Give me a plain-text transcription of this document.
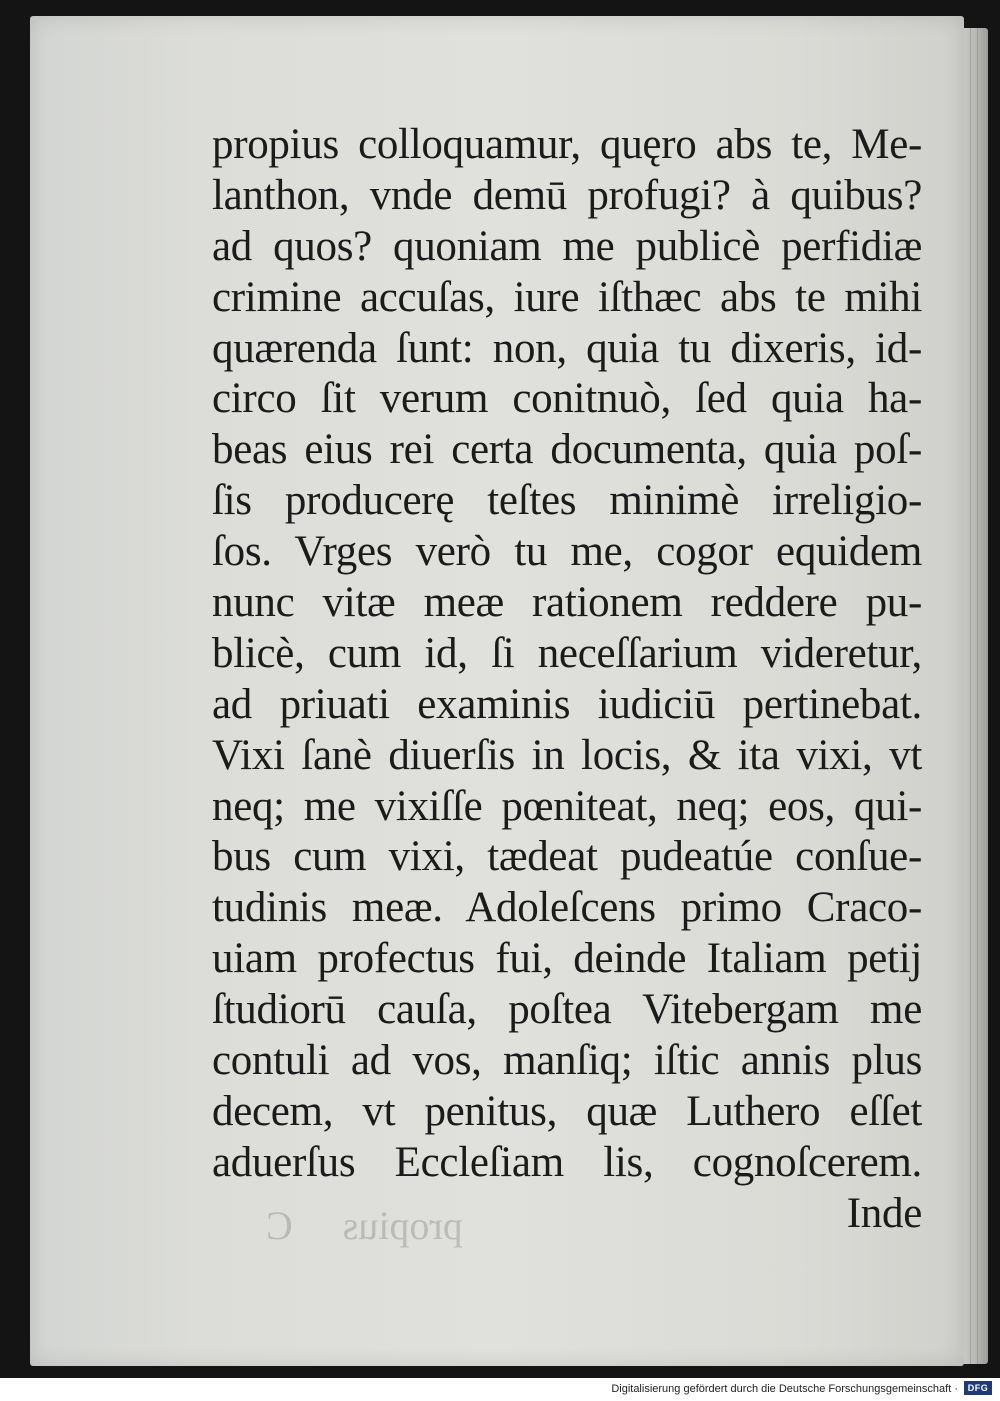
propius C
propius colloquamur, quęro abs te, Me-
lanthon, vnde demū profugi? à quibus?
ad quos? quoniam me publicè perfidiæ
crimine accuſas, iure iſthæc abs te mihi
quærenda ſunt: non, quia tu dixeris, id-
circo ſit verum conitnuò, ſed quia ha-
beas eius rei certa documenta, quia poſ-
ſis producerę teſtes minimè irreligio-
ſos. Vrges verò tu me, cogor equidem
nunc vitæ meæ rationem reddere pu-
blicè, cum id, ſi neceſſarium videretur,
ad priuati examinis iudiciū pertinebat.
Vixi ſanè diuerſis in locis, & ita vixi, vt
neq; me vixiſſe pœniteat, neq; eos, qui-
bus cum vixi, tædeat pudeatúe conſue-
tudinis meæ. Adoleſcens primo Craco-
uiam profectus fui, deinde Italiam petij
ſtudiorū cauſa, poſtea Vitebergam me
contuli ad vos, manſiq; iſtic annis plus
decem, vt penitus, quæ Luthero eſſet
aduerſus Eccleſiam lis, cognoſcerem.
Inde
Digitalisierung gefördert durch die Deutsche Forschungsgemeinschaft ·	DFG
